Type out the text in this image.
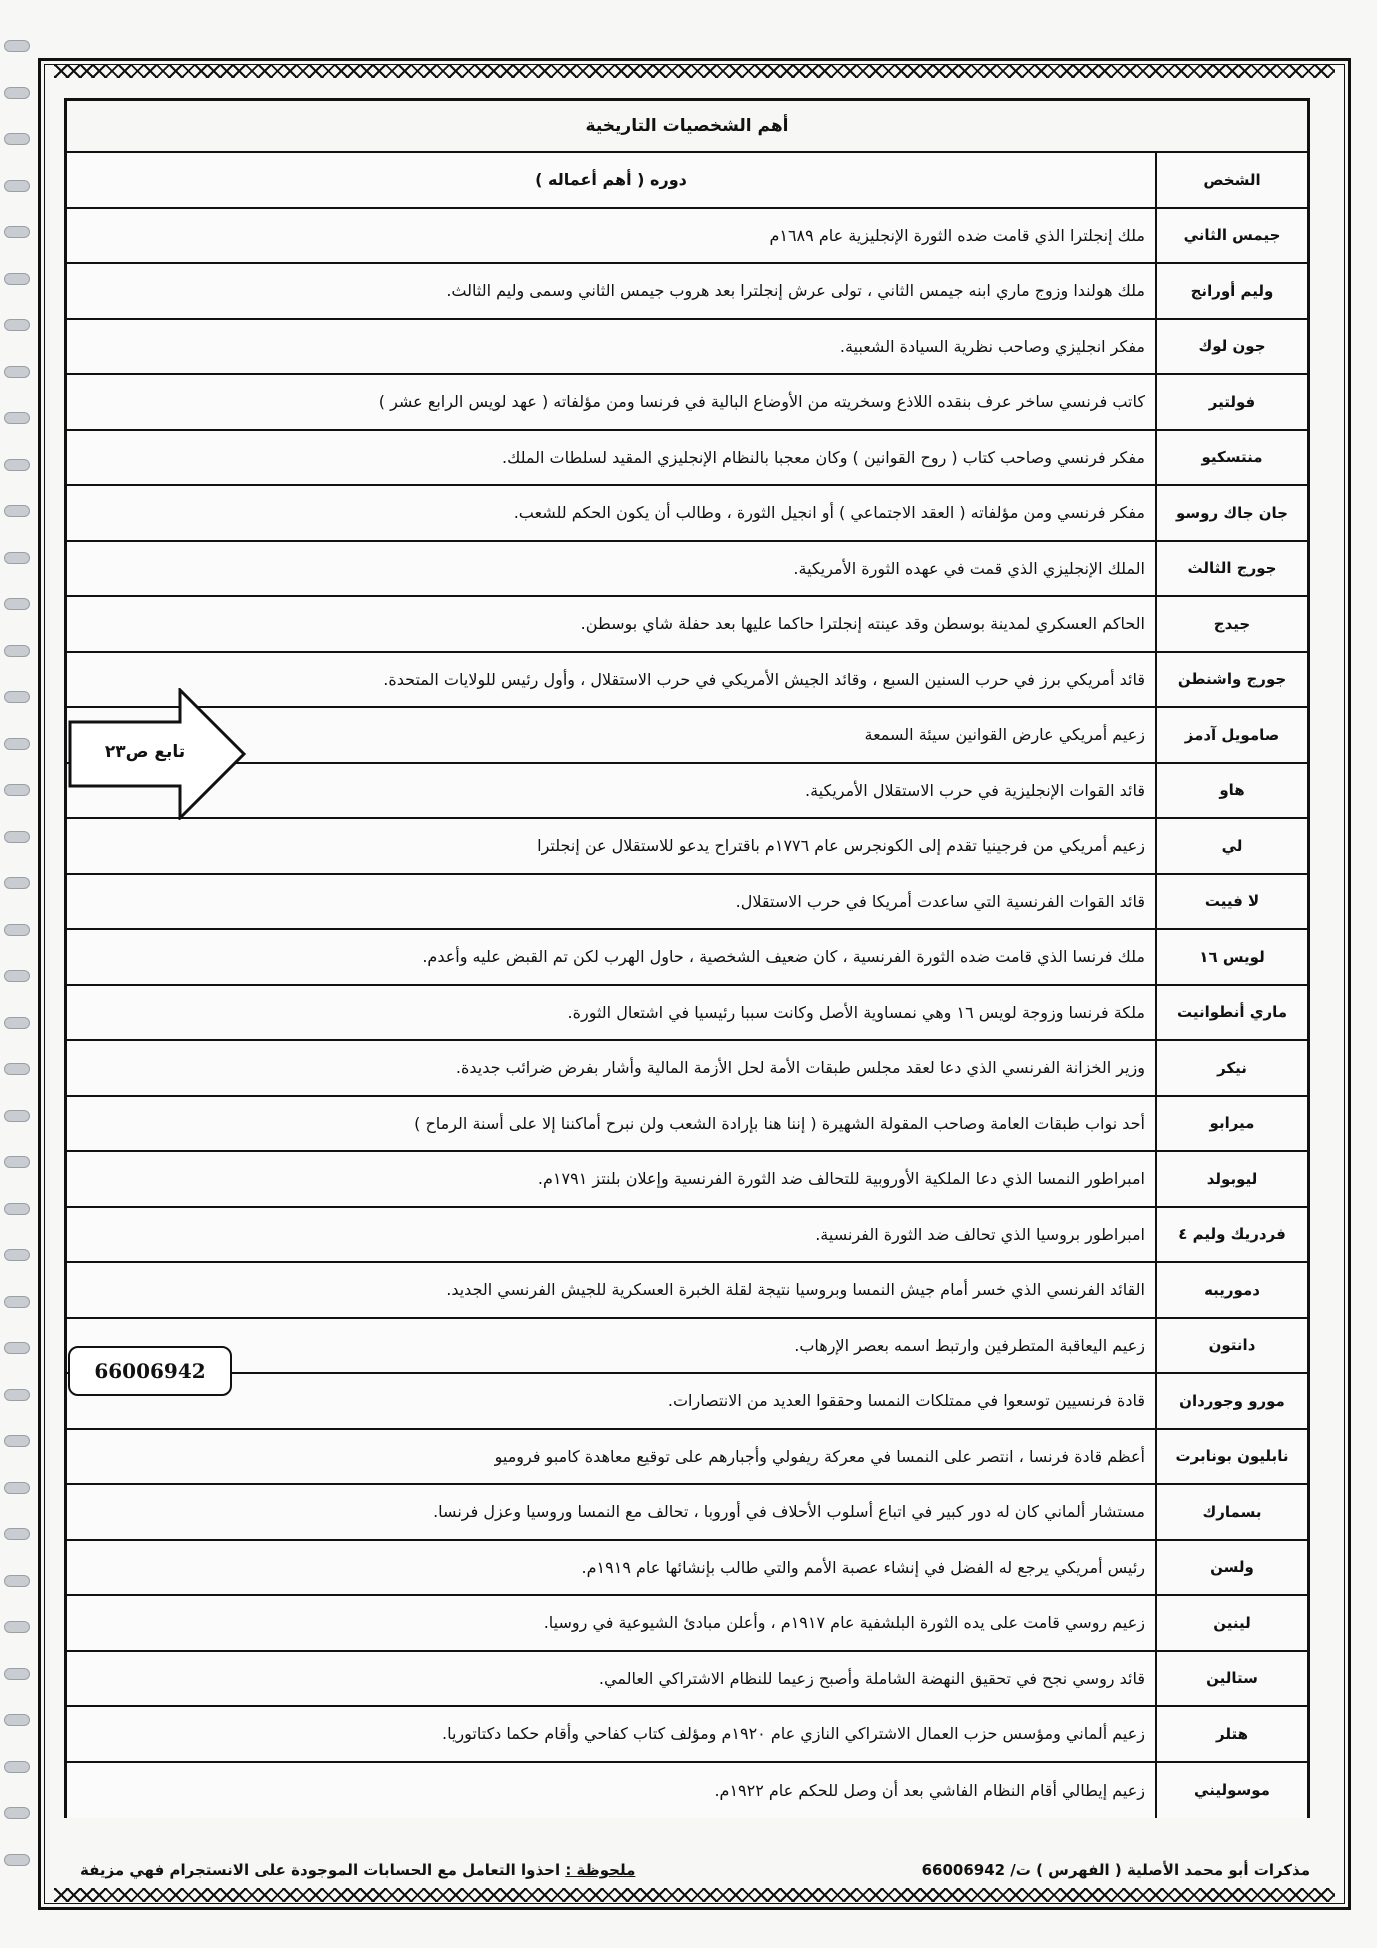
أهم الشخصيات التاريخية
الشخص
دوره ( أهم أعماله )
جيمس الثاني
ملك إنجلترا الذي قامت ضده الثورة الإنجليزية عام ١٦٨٩م
وليم أورانج
ملك هولندا وزوج ماري ابنه جيمس الثاني ، تولى عرش إنجلترا بعد هروب جيمس الثاني وسمى وليم الثالث.
جون لوك
مفكر انجليزي وصاحب نظرية السيادة الشعبية.
فولتير
كاتب فرنسي ساخر عرف بنقده اللاذع وسخريته من الأوضاع البالية في فرنسا ومن مؤلفاته ( عهد لويس الرابع عشر )
منتسكيو
مفكر فرنسي وصاحب كتاب ( روح القوانين ) وكان معجبا بالنظام الإنجليزي المقيد لسلطات الملك.
جان جاك روسو
مفكر فرنسي ومن مؤلفاته ( العقد الاجتماعي ) أو انجيل الثورة ، وطالب أن يكون الحكم للشعب.
جورج الثالث
الملك الإنجليزي الذي قمت في عهده الثورة الأمريكية.
جيدج
الحاكم العسكري لمدينة بوسطن وقد عينته إنجلترا حاكما عليها بعد حفلة شاي بوسطن.
جورج واشنطن
قائد أمريكي برز في حرب السنين السبع ، وقائد الجيش الأمريكي في حرب الاستقلال ، وأول رئيس للولايات المتحدة.
صامويل آدمز
زعيم أمريكي عارض القوانين سيئة السمعة
هاو
قائد القوات الإنجليزية في حرب الاستقلال الأمريكية.
لي
زعيم أمريكي من فرجينيا تقدم إلى الكونجرس عام ١٧٧٦م باقتراح يدعو للاستقلال عن إنجلترا
لا فييت
قائد القوات الفرنسية التي ساعدت أمريكا في حرب الاستقلال.
لويس ١٦
ملك فرنسا الذي قامت ضده الثورة الفرنسية ، كان ضعيف الشخصية ، حاول الهرب لكن تم القبض عليه وأعدم.
ماري أنطوانيت
ملكة فرنسا وزوجة لويس ١٦ وهي نمساوية الأصل وكانت سببا رئيسيا في اشتعال الثورة.
نيكر
وزير الخزانة الفرنسي الذي دعا لعقد مجلس طبقات الأمة لحل الأزمة المالية وأشار بفرض ضرائب جديدة.
ميرابو
أحد نواب طبقات العامة وصاحب المقولة الشهيرة ( إننا هنا بإرادة الشعب ولن نبرح أماكننا إلا على أسنة الرماح )
ليوبولد
امبراطور النمسا الذي دعا الملكية الأوروبية للتحالف ضد الثورة الفرنسية وإعلان بلنتز ١٧٩١م.
فردريك وليم ٤
امبراطور بروسيا الذي تحالف ضد الثورة الفرنسية.
دموريبه
القائد الفرنسي الذي خسر أمام جيش النمسا وبروسيا نتيجة لقلة الخبرة العسكرية للجيش الفرنسي الجديد.
دانتون
زعيم اليعاقبة المتطرفين وارتبط اسمه بعصر الإرهاب.
مورو وجوردان
قادة فرنسيين توسعوا في ممتلكات النمسا وحققوا العديد من الانتصارات.
نابليون بونابرت
أعظم قادة فرنسا ، انتصر على النمسا في معركة ريفولي وأجبارهم على توقيع معاهدة كامبو فروميو
بسمارك
مستشار ألماني كان له دور كبير في اتباع أسلوب الأحلاف في أوروبا ، تحالف مع النمسا وروسيا وعزل فرنسا.
ولسن
رئيس أمريكي يرجع له الفضل في إنشاء عصبة الأمم والتي طالب بإنشائها عام ١٩١٩م.
لينين
زعيم روسي قامت على يده الثورة البلشفية عام ١٩١٧م ، وأعلن مبادئ الشيوعية في روسيا.
ستالين
قائد روسي نجح في تحقيق النهضة الشاملة وأصبح زعيما للنظام الاشتراكي العالمي.
هتلر
زعيم ألماني ومؤسس حزب العمال الاشتراكي النازي عام ١٩٢٠م ومؤلف كتاب كفاحي وأقام حكما دكتاتوريا.
موسوليني
زعيم إيطالي أقام النظام الفاشي بعد أن وصل للحكم عام ١٩٢٢م.
تابع ص٢٣
66006942
مذكرات أبو محمد الأصلية ( الفهرس ) ت/ 66006942
ملحوظة : احذوا التعامل مع الحسابات الموجودة على الانستجرام فهي مزيفة
